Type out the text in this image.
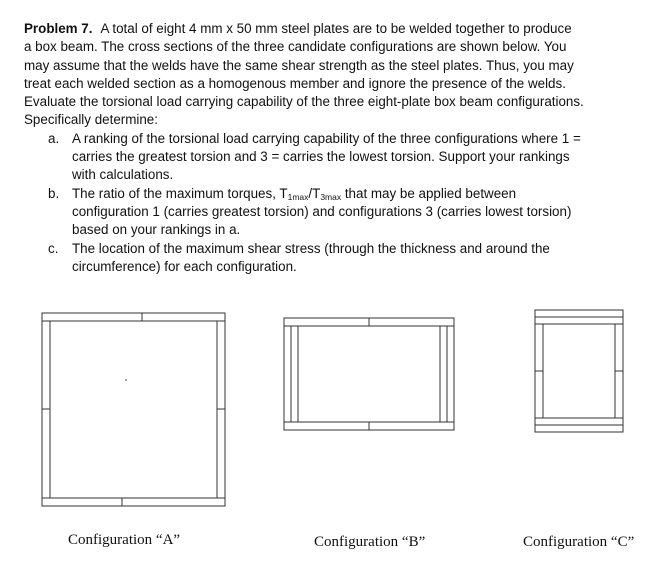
Problem 7. A total of eight 4 mm x 50 mm steel plates are to be welded together to produce
a box beam. The cross sections of the three candidate configurations are shown below. You
may assume that the welds have the same shear strength as the steel plates. Thus, you may
treat each welded section as a homogenous member and ignore the presence of the welds.
Evaluate the torsional load carrying capability of the three eight-plate box beam configurations.
Specifically determine:
a. A ranking of the torsional load carrying capability of the three configurations where 1 =
carries the greatest torsion and 3 = carries the lowest torsion. Support your rankings
with calculations.
b. The ratio of the maximum torques, $T_{1max}/T_{3max}$ that may be applied between
configuration 1 (carries greatest torsion) and configurations 3 (carries lowest torsion)
based on your rankings in a.
c. The location of the maximum shear stress (through the thickness and around the
circumference) for each configuration.
Configuration “A”	Configuration “B”	Configuration “C”
